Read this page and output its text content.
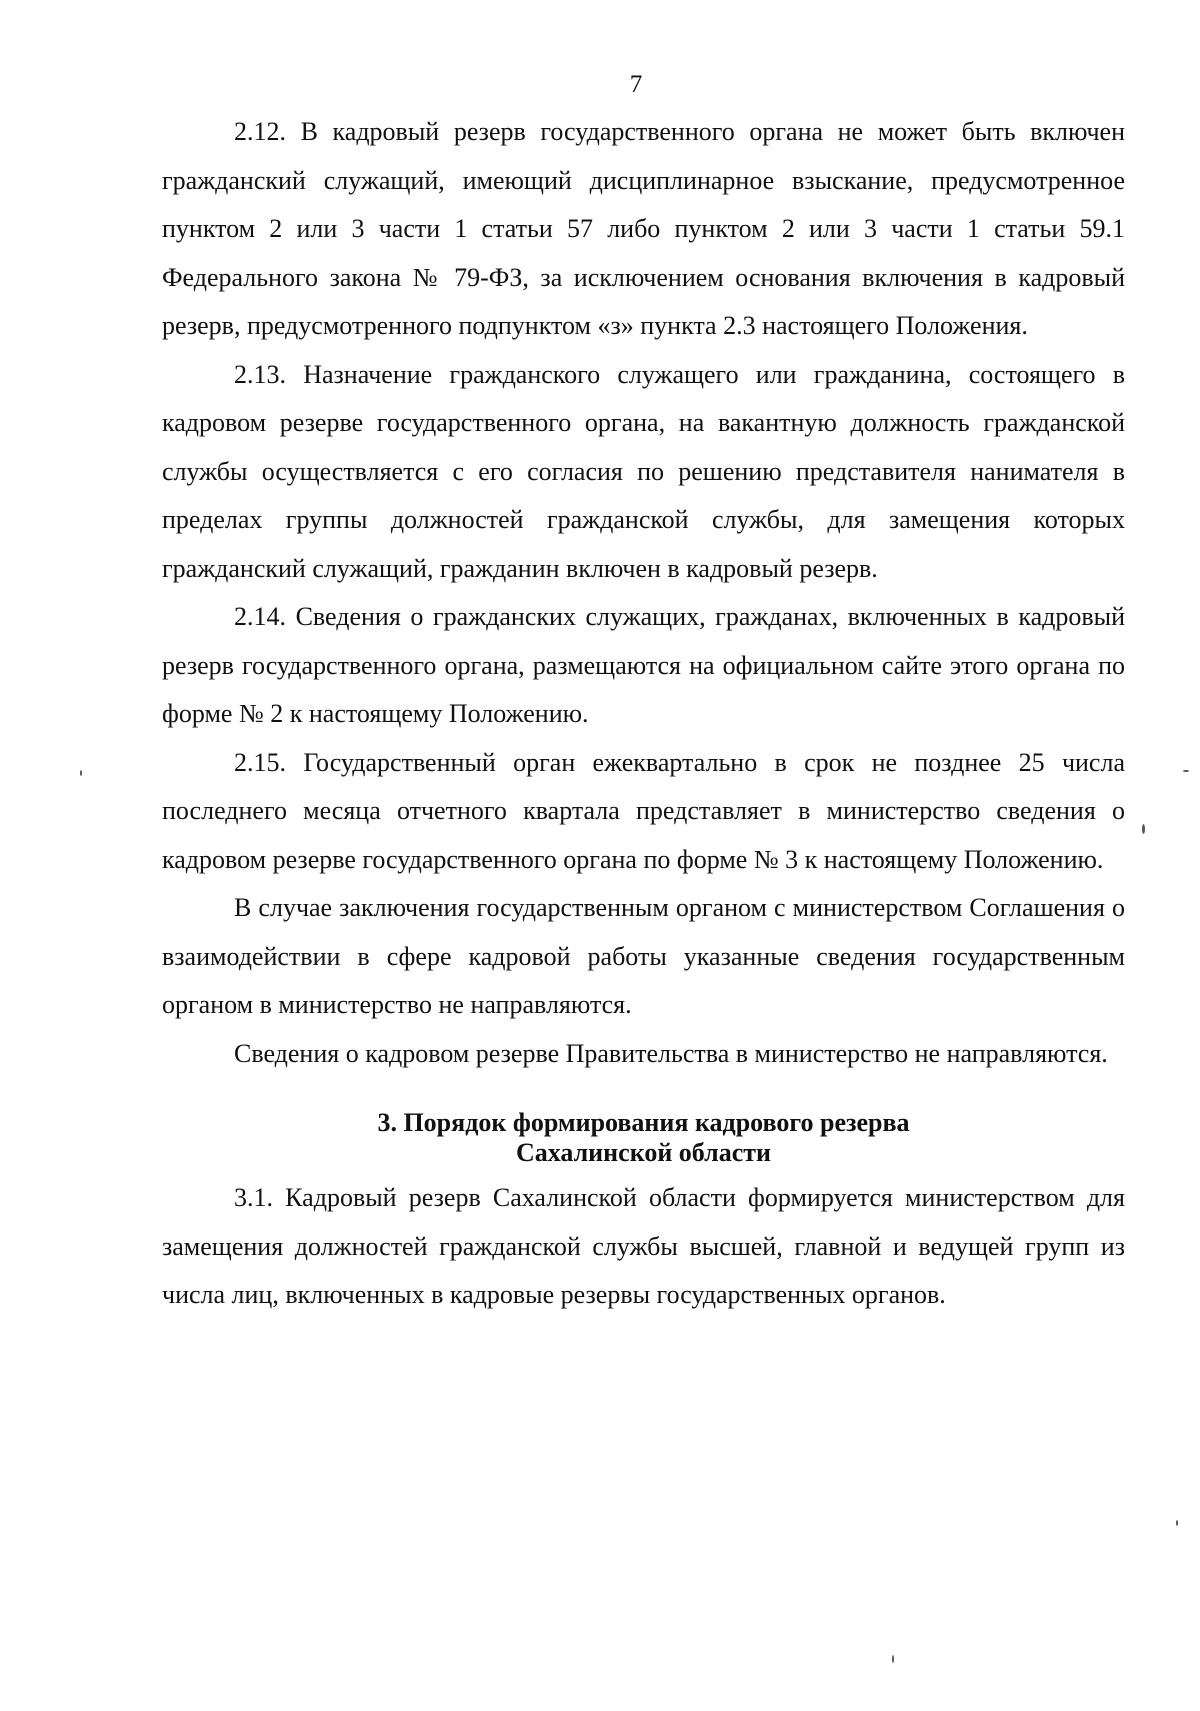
7

2.12. В кадровый резерв государственного органа не может быть включен гражданский служащий, имеющий дисциплинарное взыскание, предусмотренное пунктом 2 или 3 части 1 статьи 57 либо пунктом 2 или 3 части 1 статьи 59.1 Федерального закона № 79-ФЗ, за исключением основания включения в кадровый резерв, предусмотренного подпунктом «з» пункта 2.3 настоящего Положения.

2.13. Назначение гражданского служащего или гражданина, состоящего в кадровом резерве государственного органа, на вакантную должность гражданской службы осуществляется с его согласия по решению представителя нанимателя в пределах группы должностей гражданской службы, для замещения которых гражданский служащий, гражданин включен в кадровый резерв.

2.14. Сведения о гражданских служащих, гражданах, включенных в кадровый резерв государственного органа, размещаются на официальном сайте этого органа по форме № 2 к настоящему Положению.

2.15. Государственный орган ежеквартально в срок не позднее 25 числа последнего месяца отчетного квартала представляет в министерство сведения о кадровом резерве государственного органа по форме № 3 к настоящему Положению.

В случае заключения государственным органом с министерством Соглашения о взаимодействии в сфере кадровой работы указанные сведения государственным органом в министерство не направляются.

Сведения о кадровом резерве Правительства в министерство не направляются.

3. Порядок формирования кадрового резерва
Сахалинской области

3.1. Кадровый резерв Сахалинской области формируется министерством для замещения должностей гражданской службы высшей, главной и ведущей групп из числа лиц, включенных в кадровые резервы государственных органов.
